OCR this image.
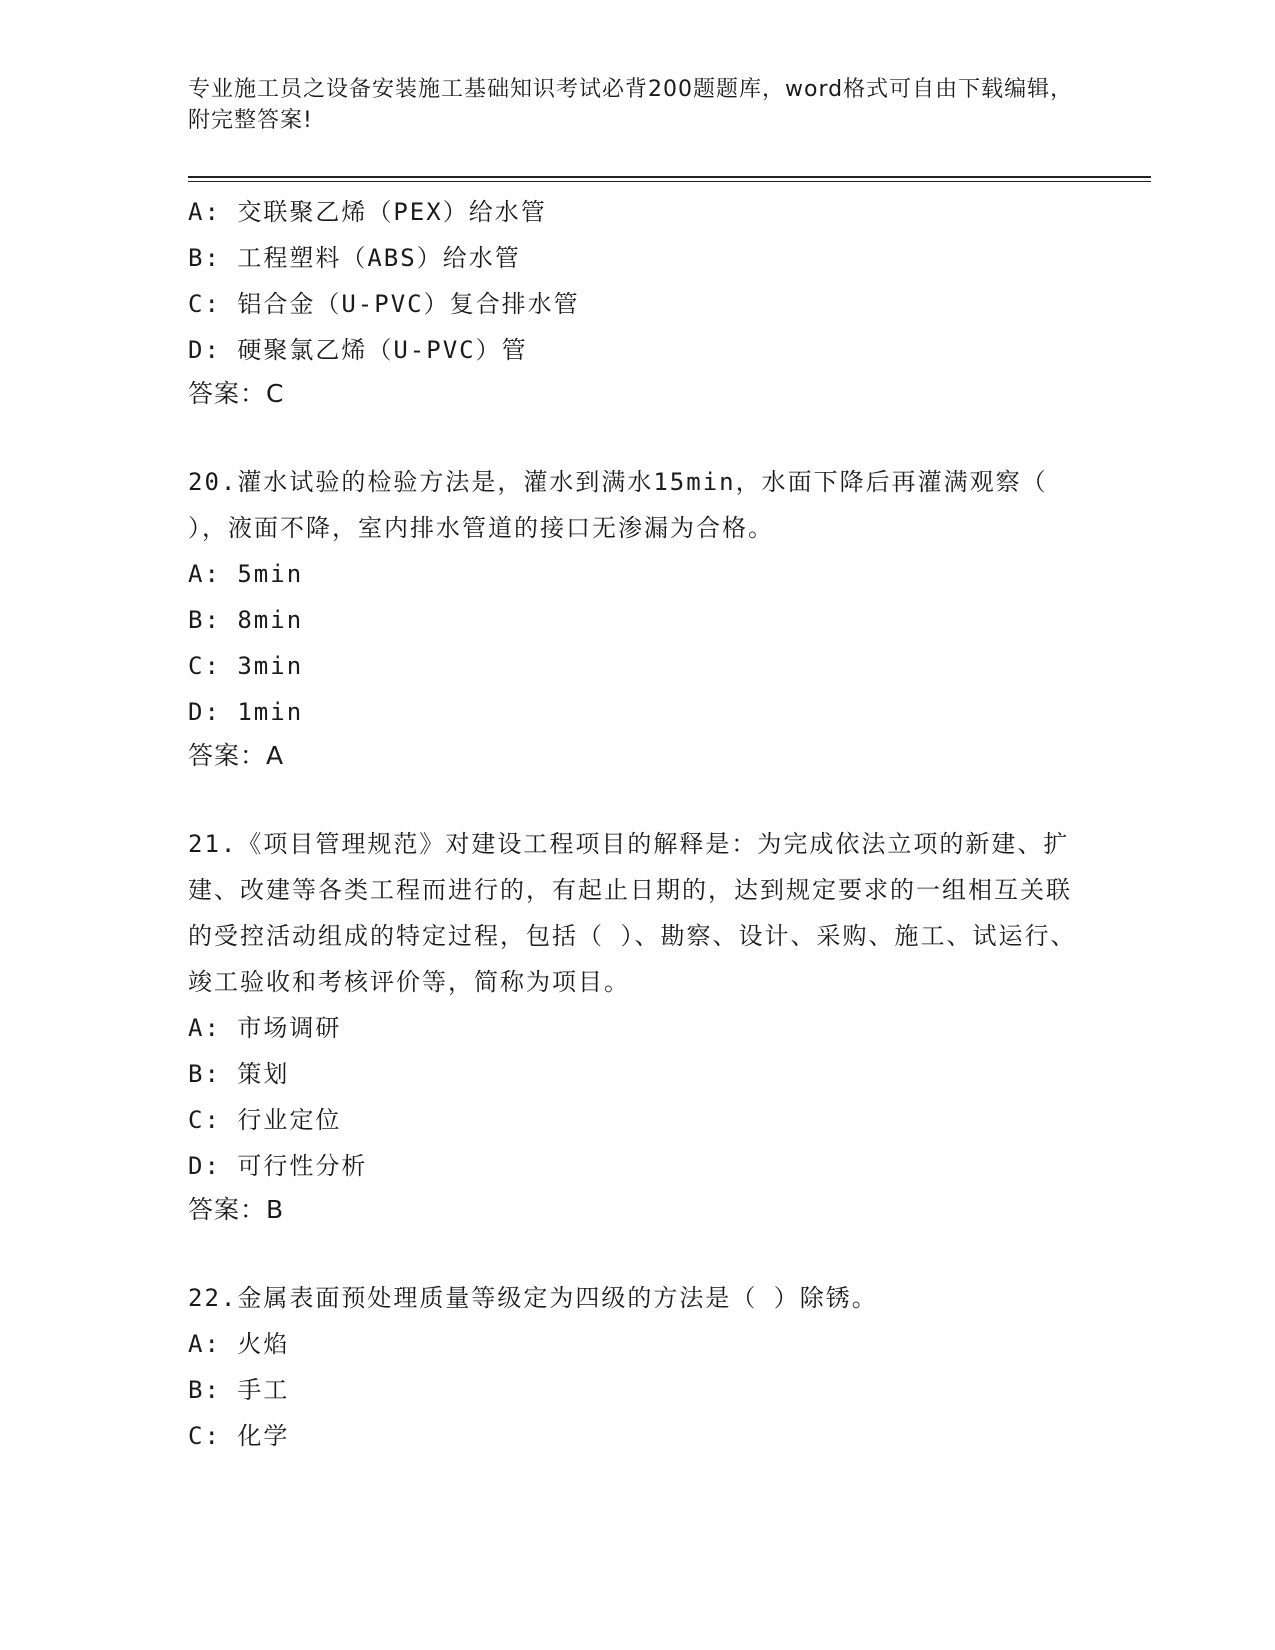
专业施工员之设备安装施工基础知识考试必背200题题库，word格式可自由下载编辑，附完整答案!
A: 交联聚乙烯（PEX）给水管
B: 工程塑料（ABS）给水管
C: 铝合金（U-PVC）复合排水管
D: 硬聚氯乙烯（U-PVC）管
答案：C

20.灌水试验的检验方法是，灌水到满水15min，水面下降后再灌满观察（ ），液面不降，室内排水管道的接口无渗漏为合格。

A: 5min
B: 8min
C: 3min
D: 1min
答案：A

21.《项目管理规范》对建设工程项目的解释是：为完成依法立项的新建、扩建、改建等各类工程而进行的，有起止日期的，达到规定要求的一组相互关联的受控活动组成的特定过程，包括（ ）、勘察、设计、采购、施工、试运行、竣工验收和考核评价等，简称为项目。

A: 市场调研
B: 策划
C: 行业定位
D: 可行性分析
答案：B

22.金属表面预处理质量等级定为四级的方法是（ ）除锈。

A: 火焰
B: 手工
C: 化学
